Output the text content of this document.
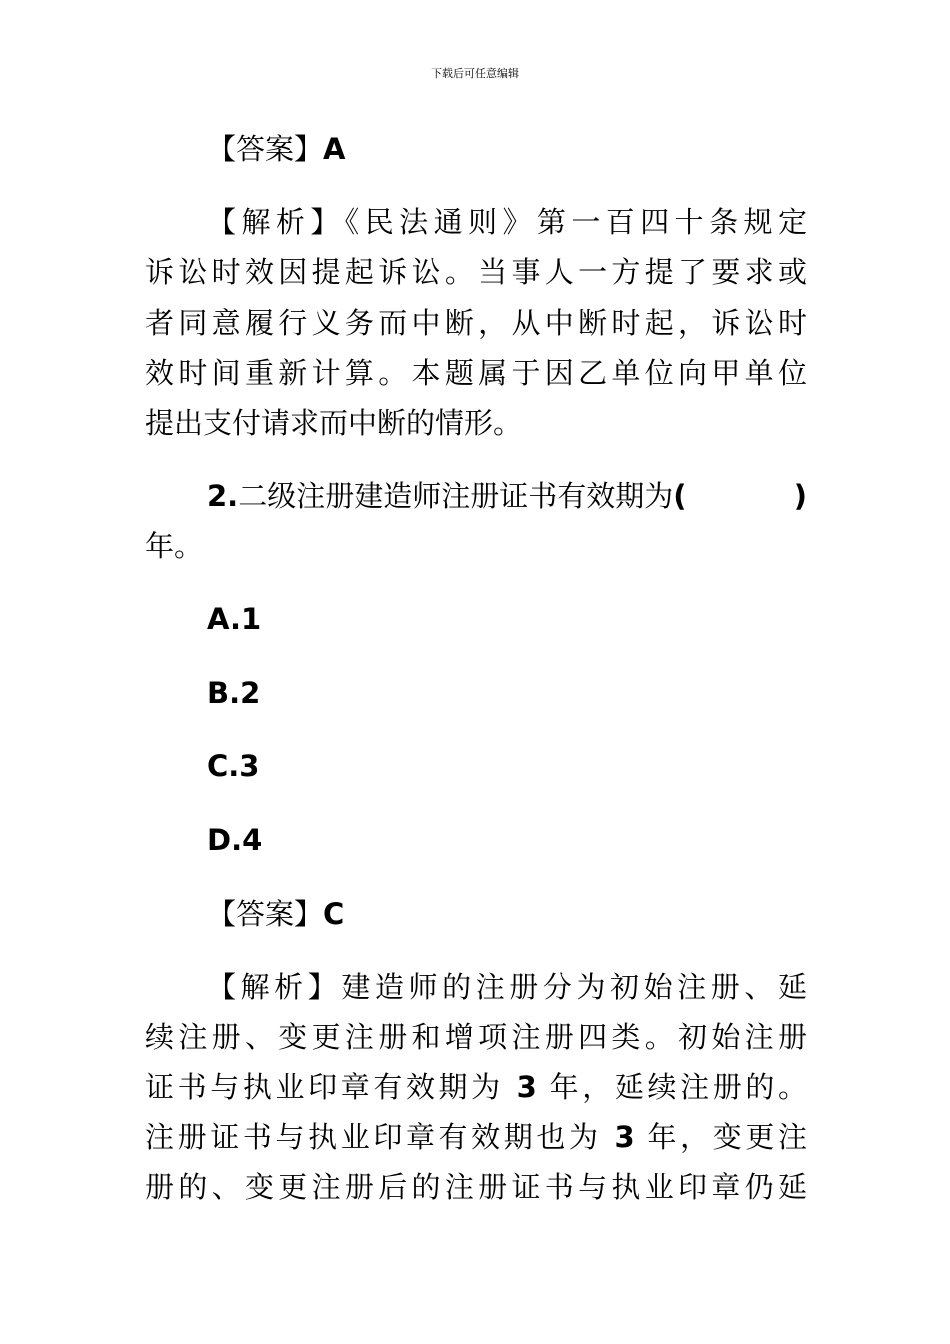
下载后可任意编辑
【答案】A
【解析】《民法通则》第一百四十条规定
诉讼时效因提起诉讼。当事人一方提了要求或
者同意履行义务而中断，从中断时起，诉讼时
效时间重新计算。本题属于因乙单位向甲单位
提出支付请求而中断的情形。
2.二级注册建造师注册证书有效期为(	)
年。
A.1
B.2
C.3
D.4
【答案】C
【解析】建造师的注册分为初始注册、延
续注册、变更注册和增项注册四类。初始注册
证书与执业印章有效期为 3 年，延续注册的。
注册证书与执业印章有效期也为 3 年，变更注
册的、变更注册后的注册证书与执业印章仍延
